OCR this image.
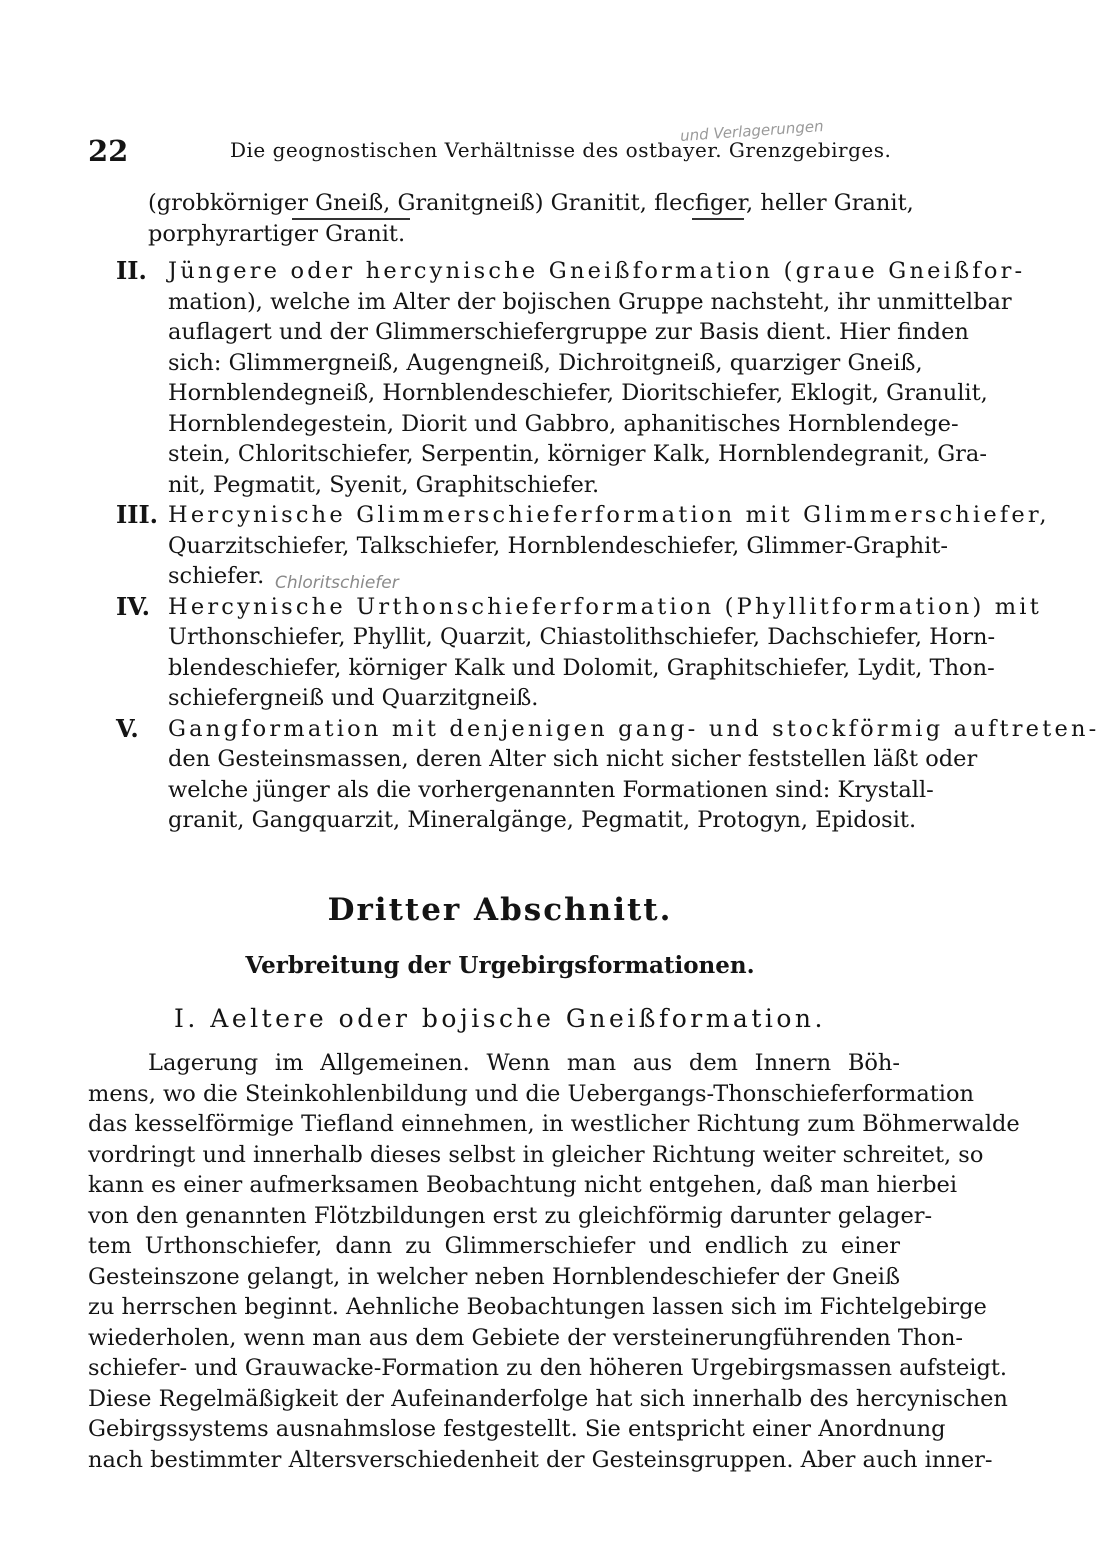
22	Die geognostischen Verhältnisse des ostbayer. Grenzgebirges.
und Verlagerungen
(grobkörniger Gneiß, Granitgneiß) Granitit, flecfiger, heller Granit,
porphyrartiger Granit.
II. Jüngere oder hercynische Gneißformation (graue Gneißfor-
mation), welche im Alter der bojischen Gruppe nachsteht, ihr unmittelbar
auflagert und der Glimmerschiefergruppe zur Basis dient. Hier finden
sich: Glimmergneiß, Augengneiß, Dichroitgneiß, quarziger Gneiß,
Hornblendegneiß, Hornblendeschiefer, Dioritschiefer, Eklogit, Granulit,
Hornblendegestein, Diorit und Gabbro, aphanitisches Hornblendege-
stein, Chloritschiefer, Serpentin, körniger Kalk, Hornblendegranit, Gra-
nit, Pegmatit, Syenit, Graphitschiefer.
III. Hercynische Glimmerschieferformation mit Glimmerschiefer,
Quarzitschiefer, Talkschiefer, Hornblendeschiefer, Glimmer-Graphit-
schiefer.
IV. Hercynische Urthonschieferformation (Phyllitformation) mit
Urthonschiefer, Phyllit, Quarzit, Chiastolithschiefer, Dachschiefer, Horn-
blendeschiefer, körniger Kalk und Dolomit, Graphitschiefer, Lydit, Thon-
schiefergneiß und Quarzitgneiß.
V. Gangformation mit denjenigen gang- und stockförmig auftreten-
den Gesteinsmassen, deren Alter sich nicht sicher feststellen läßt oder
welche jünger als die vorhergenannten Formationen sind: Krystall-
granit, Gangquarzit, Mineralgänge, Pegmatit, Protogyn, Epidosit.
Chloritschiefer
Dritter Abschnitt.
Verbreitung der Urgebirgsformationen.
I. Aeltere oder bojische Gneißformation.
Lagerung im Allgemeinen. Wenn man aus dem Innern Böh-
mens, wo die Steinkohlenbildung und die Uebergangs-Thonschieferformation
das kesselförmige Tiefland einnehmen, in westlicher Richtung zum Böhmerwalde
vordringt und innerhalb dieses selbst in gleicher Richtung weiter schreitet, so
kann es einer aufmerksamen Beobachtung nicht entgehen, daß man hierbei
von den genannten Flötzbildungen erst zu gleichförmig darunter gelager-
tem Urthonschiefer, dann zu Glimmerschiefer und endlich zu einer
Gesteinszone gelangt, in welcher neben Hornblendeschiefer der Gneiß
zu herrschen beginnt. Aehnliche Beobachtungen lassen sich im Fichtelgebirge
wiederholen, wenn man aus dem Gebiete der versteinerungführenden Thon-
schiefer- und Grauwacke-Formation zu den höheren Urgebirgsmassen aufsteigt.
Diese Regelmäßigkeit der Aufeinanderfolge hat sich innerhalb des hercynischen
Gebirgssystems ausnahmslose festgestellt. Sie entspricht einer Anordnung
nach bestimmter Altersverschiedenheit der Gesteinsgruppen. Aber auch inner-
